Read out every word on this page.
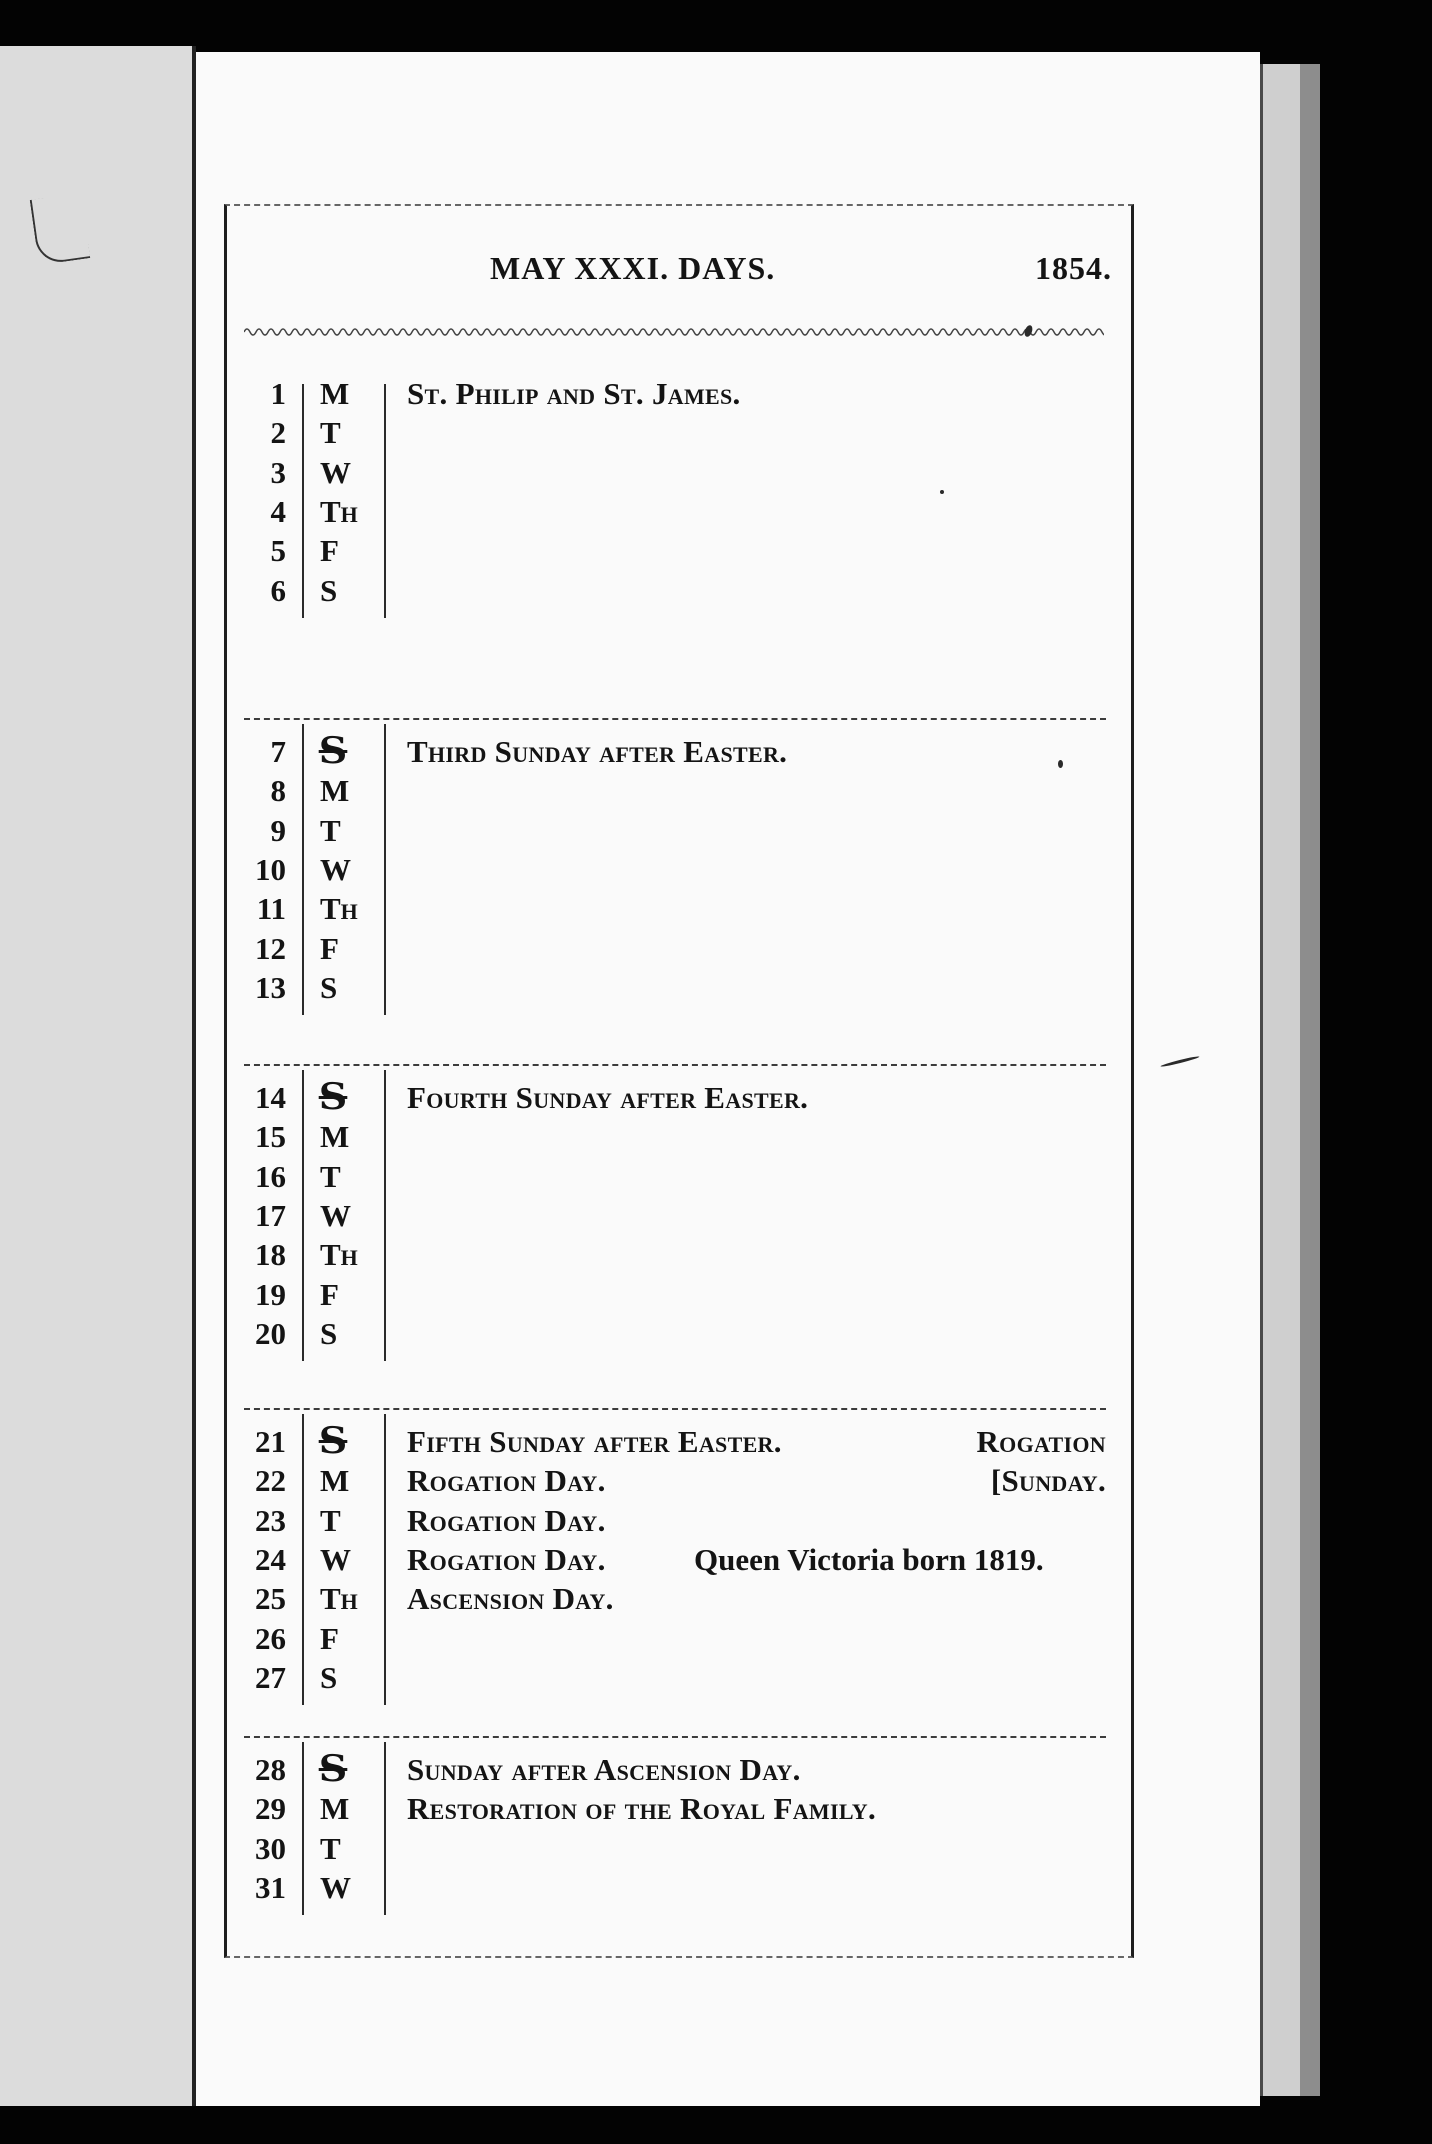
MAY XXXI. DAYS.	1854.
1 M St. Philip and St. James.
2 T
3 W
4 Th
5 F
6 S
7 S Third Sunday after Easter.
8 M
9 T
10 W
11 Th
12 F
13 S
14 S Fourth Sunday after Easter.
15 M
16 T
17 W
18 Th
19 F
20 S
21 S Fifth Sunday after Easter.	Rogation
22 M Rogation Day.	[Sunday.
23 T Rogation Day.
24 W Rogation Day.	Queen Victoria born 1819.
25 Th Ascension Day.
26 F
27 S
28 S Sunday after Ascension Day.
29 M Restoration of the Royal Family.
30 T
31 W
